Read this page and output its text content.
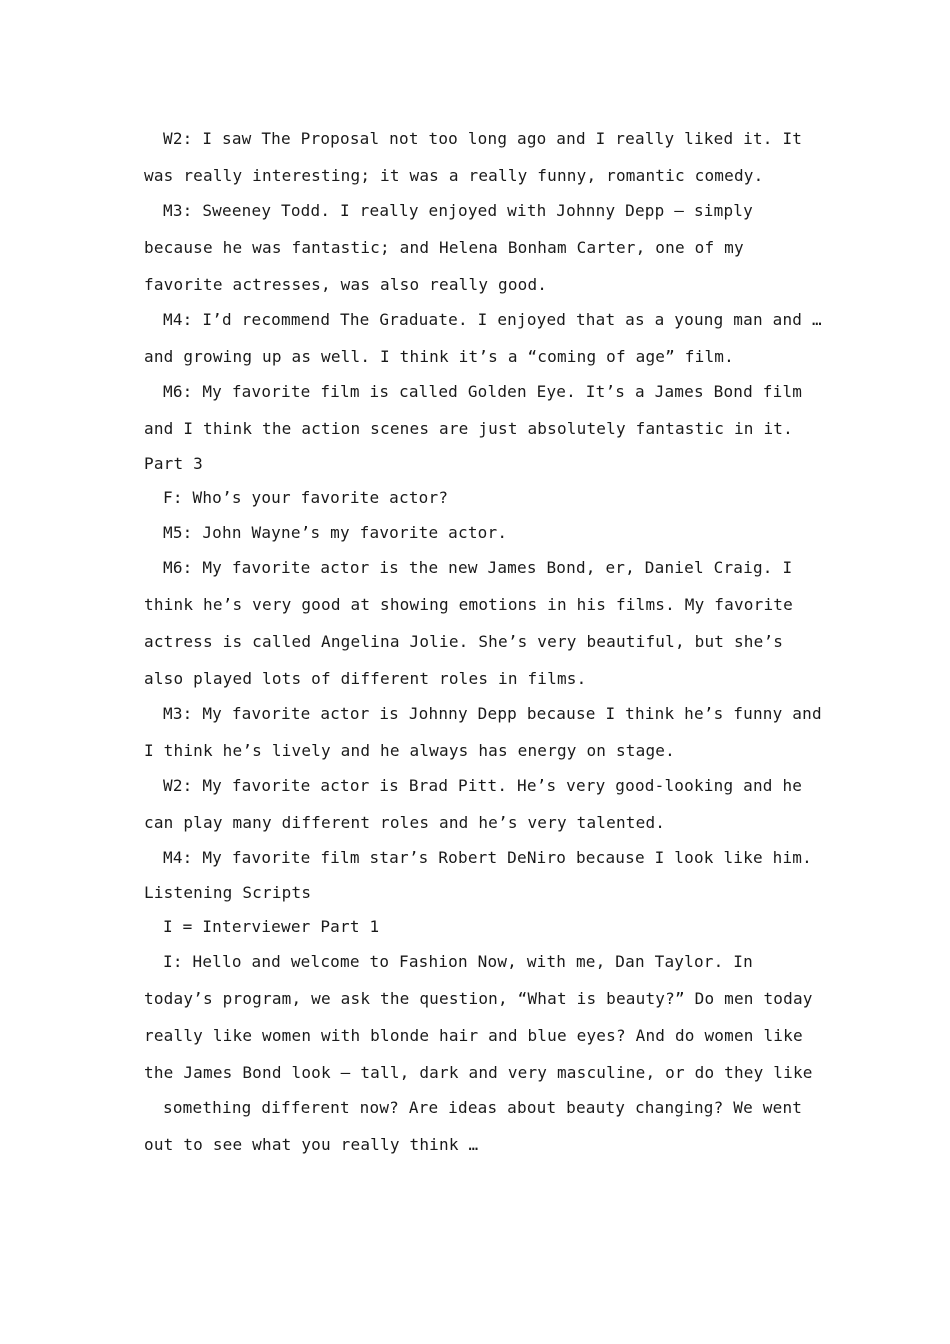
W2: I saw The Proposal not too long ago and I really liked it. It was really interesting; it was a really funny, romantic comedy.

M3: Sweeney Todd. I really enjoyed with Johnny Depp – simply because he was fantastic; and Helena Bonham Carter, one of my favorite actresses, was also really good.

M4: I’d recommend The Graduate. I enjoyed that as a young man and … and growing up as well. I think it’s a “coming of age” film.

M6: My favorite film is called Golden Eye. It’s a James Bond film and I think the action scenes are just absolutely fantastic in it.

Part 3

F: Who’s your favorite actor?

M5: John Wayne’s my favorite actor.

M6: My favorite actor is the new James Bond, er, Daniel Craig. I think he’s very good at showing emotions in his films. My favorite actress is called Angelina Jolie. She’s very beautiful, but she’s also played lots of different roles in films.

M3: My favorite actor is Johnny Depp because I think he’s funny and I think he’s lively and he always has energy on stage.

W2: My favorite actor is Brad Pitt. He’s very good-looking and he can play many different roles and he’s very talented.

M4: My favorite film star’s Robert DeNiro because I look like him.

Listening Scripts

I = Interviewer Part 1

I: Hello and welcome to Fashion Now, with me, Dan Taylor. In today’s program, we ask the question, “What is beauty?” Do men today really like women with blonde hair and blue eyes? And do women like the James Bond look – tall, dark and very masculine, or do they like

something different now? Are ideas about beauty changing? We went out to see what you really think …
